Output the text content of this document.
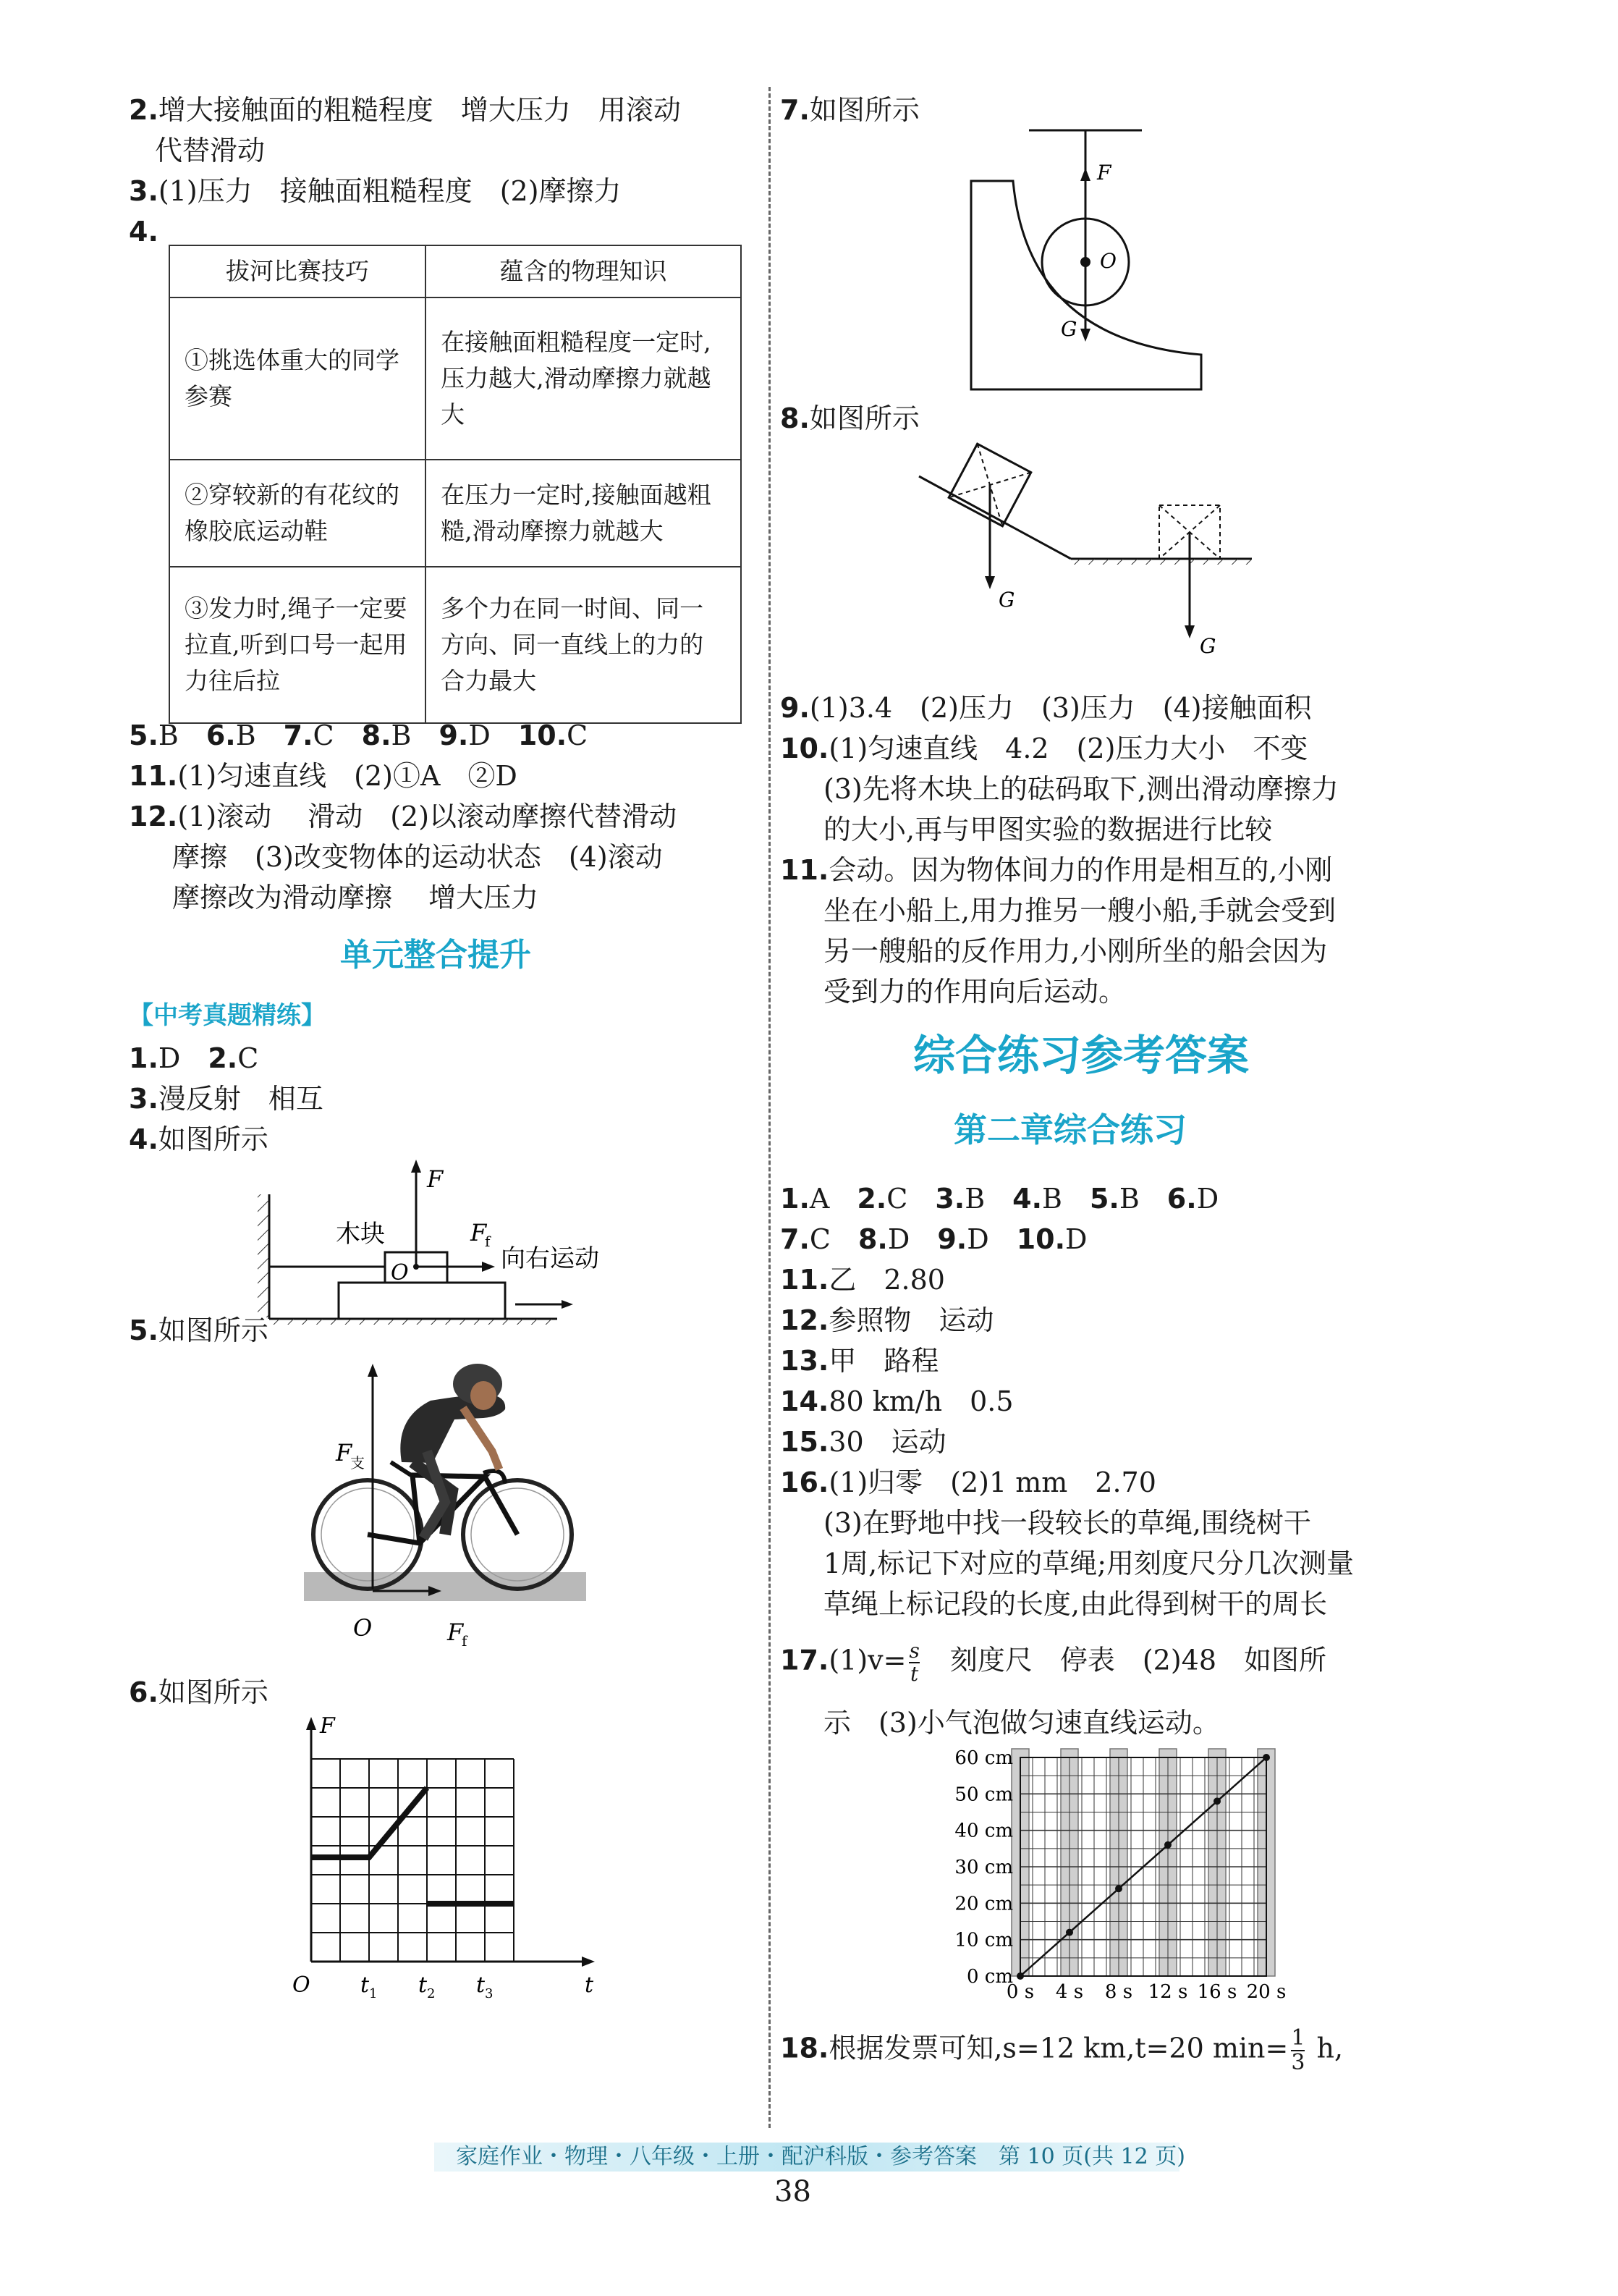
2.增大接触面的粗糙程度　增大压力　用滚动
代替滑动
3.(1)压力　接触面粗糙程度　(2)摩擦力
4.
拔河比赛技巧	蕴含的物理知识
①挑选体重大的同学参赛	在接触面粗糙程度一定时,压力越大,滑动摩擦力就越大
②穿较新的有花纹的橡胶底运动鞋	在压力一定时,接触面越粗糙,滑动摩擦力就越大
③发力时,绳子一定要拉直,听到口号一起用力往后拉	多个力在同一时间、同一方向、同一直线上的力的合力最大
5.B　6.B　7.C　8.B　9.D　10.C
11.(1)匀速直线　(2)①A　②D
12.(1)滚动　 滑动　(2)以滚动摩擦代替滑动
摩擦　(3)改变物体的运动状态　(4)滚动
摩擦改为滑动摩擦　 增大压力
单元整合提升
【中考真题精练】
1.D　2.C
3.漫反射　相互
4.如图所示
F
木块
O
F
f
向右运动
5.如图所示
F
支
O	F
f
6.如图所示
F
O t 1 t 2 t 3	t
7.如图所示
F
O
G
8.如图所示
G
G
9.(1)3.4　(2)压力　(3)压力　(4)接触面积
10.(1)匀速直线　4.2　(2)压力大小　不变
(3)先将木块上的砝码取下,测出滑动摩擦力
的大小,再与甲图实验的数据进行比较
11.会动。因为物体间力的作用是相互的,小刚
坐在小船上,用力推另一艘小船,手就会受到
另一艘船的反作用力,小刚所坐的船会因为
受到力的作用向后运动。
综合练习参考答案
第二章综合练习
1.A　2.C　3.B　4.B　5.B　6.D
7.C　8.D　9.D　10.D
11.乙　2.80
12.参照物　运动
13.甲　路程
14.80 km/h　0.5
15.30　运动
16.(1)归零　(2)1 mm　2.70
(3)在野地中找一段较长的草绳,围绕树干
1周,标记下对应的草绳;用刻度尺分几次测量
草绳上标记段的长度,由此得到树干的周长
$17.(1)v= \frac{s}{t}$ 　刻度尺　停表　(2)48　如图所
示　(3)小气泡做匀速直线运动。
0 cm
10 cm
20 cm
30 cm
40 cm
50 cm
60 cm
0 s 4 s 8 s 12 s 16 s 20 s
18.根据发票可知,s=12 km,t=20 $\min= \frac{1}{3} h$,
家庭作业・物理・八年级・上册・配沪科版・参考答案　第 10 页(共 12 页)
38
